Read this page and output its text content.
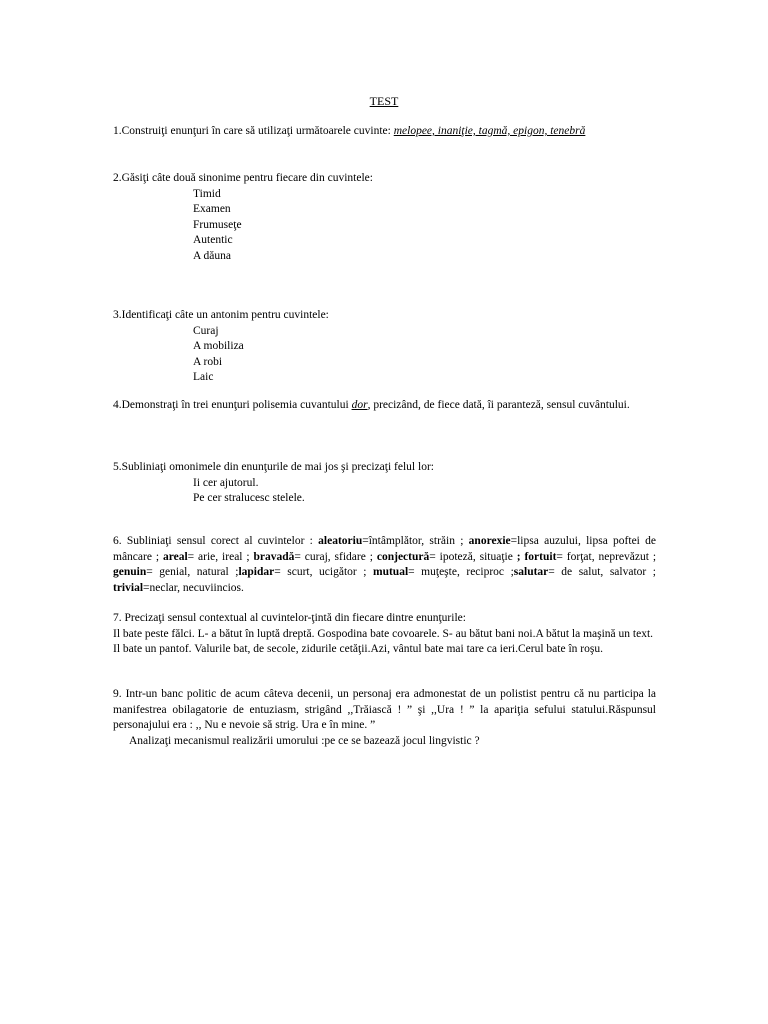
TEST
1.Construiţi enunţuri în care să utilizaţi următoarele cuvinte: melopee, inaniţie, tagmă, epigon, tenebră
2.Găsiţi câte două sinonime pentru fiecare din cuvintele:
Timid
Examen
Frumuseţe
Autentic
A dăuna
3.Identificaţi câte un antonim pentru cuvintele:
Curaj
A mobiliza
A robi
Laic
4.Demonstraţi în trei enunţuri polisemia cuvantului dor, precizând, de fiece dată, îi paranteză, sensul cuvântului.
5.Subliniaţi omonimele din enunţurile de mai jos şi precizaţi felul lor:
Ii cer ajutorul.
Pe cer stralucesc stelele.
6. Subliniaţi sensul corect al cuvintelor : aleatoriu=întâmplător, străin ; anorexie=lipsa auzului, lipsa poftei de mâncare ; areal= arie, ireal ; bravadă= curaj, sfidare ; conjectură= ipoteză, situaţie ; fortuit= forţat, neprevăzut ; genuin= genial, natural ;lapidar= scurt, ucigător ; mutual= muţeşte, reciproc ;salutar= de salut, salvator ; trivial=neclar, necuviincios.
7. Precizaţi sensul contextual al cuvintelor-ţintă din fiecare dintre enunţurile:
Il bate peste fălci. L- a bătut în luptă dreptă. Gospodina bate covoarele. S- au bătut bani noi.A bătut la maşină un text. Il bate un pantof. Valurile bat, de secole, zidurile cetăţii.Azi, vântul bate mai tare ca ieri.Cerul bate în roşu.
9. Intr-un banc politic de acum câteva decenii, un personaj era admonestat de un polistist pentru că nu participa la manifestrea obilagatorie de entuziasm, strigând ,,Trăiască ! ” şi ,,Ura ! ” la apariţia sefului statului.Răspunsul personajului era : ,, Nu e nevoie să strig. Ura e în mine. ”
Analizaţi mecanismul realizării umorului :pe ce se bazează jocul lingvistic ?
